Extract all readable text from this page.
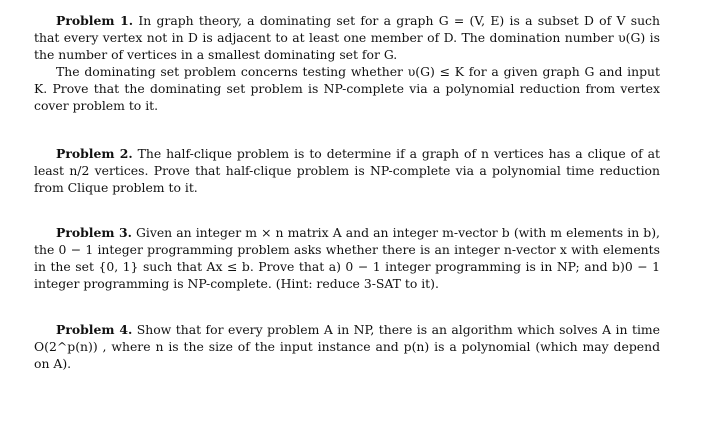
Problem 1. In graph theory, a dominating set for a graph G = (V, E) is a subset D of V such that every vertex not in D is adjacent to at least one member of D. The domination number υ(G) is the number of vertices in a smallest dominating set for G.

The dominating set problem concerns testing whether υ(G) ≤ K for a given graph G and input K. Prove that the dominating set problem is NP-complete via a polynomial reduction from vertex cover problem to it.

Problem 2. The half-clique problem is to determine if a graph of n vertices has a clique of at least n/2 vertices. Prove that half-clique problem is NP-complete via a polynomial time reduction from Clique problem to it.

Problem 3. Given an integer m × n matrix A and an integer m-vector b (with m elements in b), the 0 − 1 integer programming problem asks whether there is an integer n-vector x with elements in the set {0, 1} such that Ax ≤ b. Prove that a) 0 − 1 integer programming is in NP; and b)0 − 1 integer programming is NP-complete. (Hint: reduce 3-SAT to it).

Problem 4. Show that for every problem A in NP, there is an algorithm which solves A in time O(2^p(n)) , where n is the size of the input instance and p(n) is a polynomial (which may depend on A).
